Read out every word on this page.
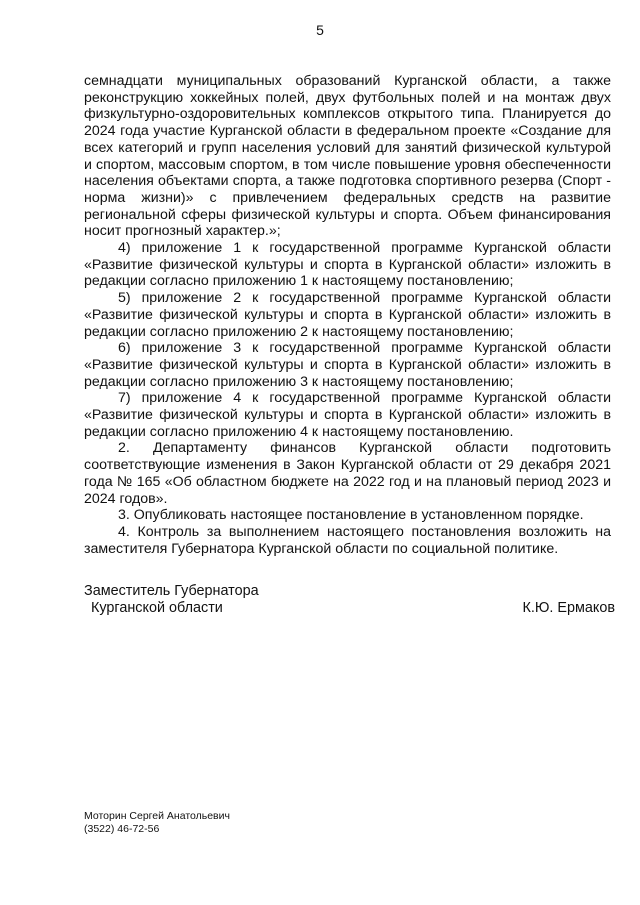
5

семнадцати муниципальных образований Курганской области, а также реконструкцию хоккейных полей, двух футбольных полей и на монтаж двух физкультурно-оздоровительных комплексов открытого типа. Планируется до 2024 года участие Курганской области в федеральном проекте «Создание для всех категорий и групп населения условий для занятий физической культурой и спортом, массовым спортом, в том числе повышение уровня обеспеченности населения объектами спорта, а также подготовка спортивного резерва (Спорт - норма жизни)» с привлечением федеральных средств на развитие региональной сферы физической культуры и спорта. Объем финансирования носит прогнозный характер.»;

4) приложение 1 к государственной программе Курганской области «Развитие физической культуры и спорта в Курганской области» изложить в редакции согласно приложению 1 к настоящему постановлению;

5) приложение 2 к государственной программе Курганской области «Развитие физической культуры и спорта в Курганской области» изложить в редакции согласно приложению 2 к настоящему постановлению;

6) приложение 3 к государственной программе Курганской области «Развитие физической культуры и спорта в Курганской области» изложить в редакции согласно приложению 3 к настоящему постановлению;

7) приложение 4 к государственной программе Курганской области «Развитие физической культуры и спорта в Курганской области» изложить в редакции согласно приложению 4 к настоящему постановлению.

2. Департаменту финансов Курганской области подготовить соответствующие изменения в Закон Курганской области от 29 декабря 2021 года № 165 «Об областном бюджете на 2022 год и на плановый период 2023 и 2024 годов».

3. Опубликовать настоящее постановление в установленном порядке.

4. Контроль за выполнением настоящего постановления возложить на заместителя Губернатора Курганской области по социальной политике.

Заместитель Губернатора
Курганской области	К.Ю. Ермаков
Моторин Сергей Анатольевич
(3522) 46-72-56
